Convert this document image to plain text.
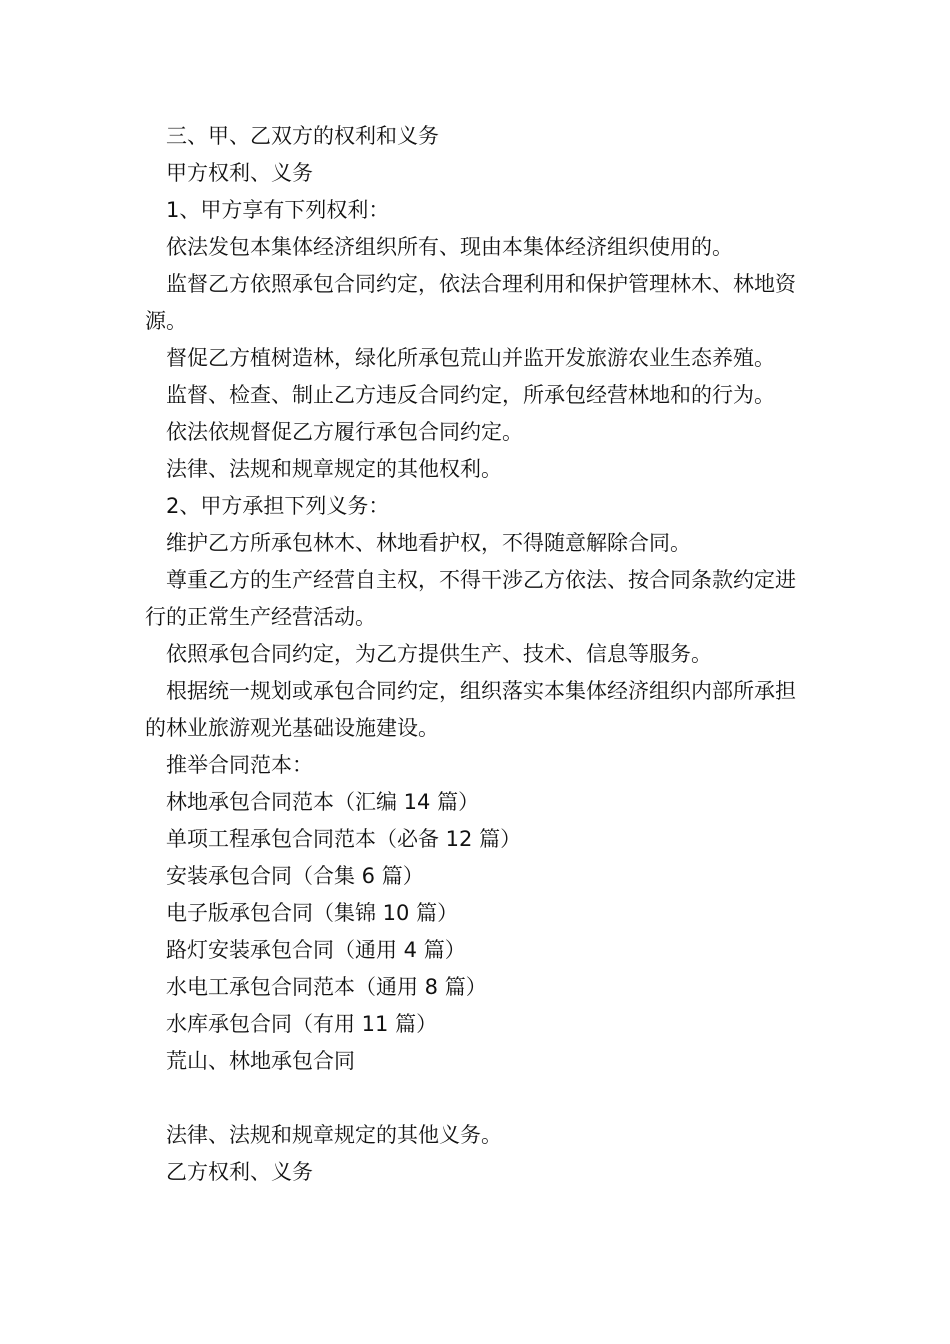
三、甲、乙双方的权利和义务

甲方权利、义务

1、甲方享有下列权利：

依法发包本集体经济组织所有、现由本集体经济组织使用的。

监督乙方依照承包合同约定，依法合理利用和保护管理林木、林地资源。

督促乙方植树造林，绿化所承包荒山并监开发旅游农业生态养殖。

监督、检查、制止乙方违反合同约定，所承包经营林地和的行为。

依法依规督促乙方履行承包合同约定。

法律、法规和规章规定的其他权利。

2、甲方承担下列义务：

维护乙方所承包林木、林地看护权，不得随意解除合同。

尊重乙方的生产经营自主权，不得干涉乙方依法、按合同条款约定进行的正常生产经营活动。

依照承包合同约定，为乙方提供生产、技术、信息等服务。

根据统一规划或承包合同约定，组织落实本集体经济组织内部所承担的林业旅游观光基础设施建设。

推举合同范本：

林地承包合同范本（汇编 14 篇）

单项工程承包合同范本（必备 12 篇）

安装承包合同（合集 6 篇）

电子版承包合同（集锦 10 篇）

路灯安装承包合同（通用 4 篇）

水电工承包合同范本（通用 8 篇）

水库承包合同（有用 11 篇）

荒山、林地承包合同

法律、法规和规章规定的其他义务。

乙方权利、义务
